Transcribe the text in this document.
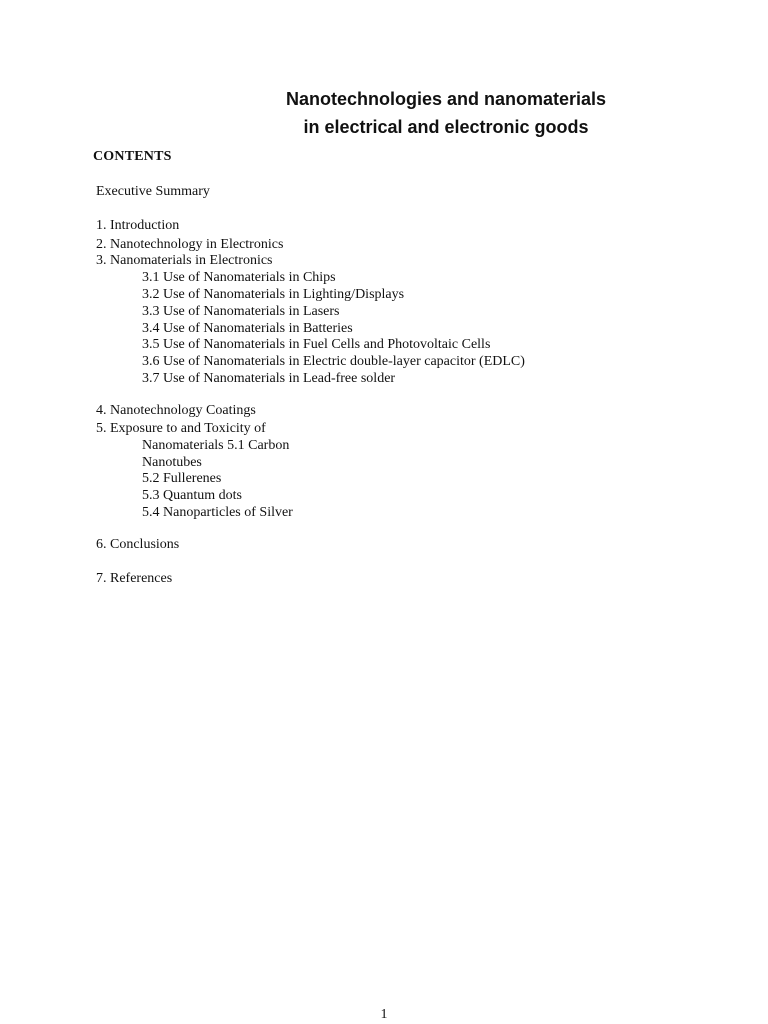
Nanotechnologies and nanomaterials
in electrical and electronic goods
CONTENTS
Executive Summary
1. Introduction
2. Nanotechnology in Electronics
3. Nanomaterials in Electronics
3.1 Use of Nanomaterials in Chips
3.2 Use of Nanomaterials in Lighting/Displays
3.3 Use of Nanomaterials in Lasers
3.4 Use of Nanomaterials in Batteries
3.5 Use of Nanomaterials in Fuel Cells and Photovoltaic Cells
3.6 Use of Nanomaterials in Electric double-layer capacitor (EDLC)
3.7 Use of Nanomaterials in Lead-free solder
4. Nanotechnology Coatings
5. Exposure to and Toxicity of
Nanomaterials 5.1 Carbon
Nanotubes
5.2 Fullerenes
5.3 Quantum dots
5.4 Nanoparticles of Silver
6. Conclusions
7. References
1
